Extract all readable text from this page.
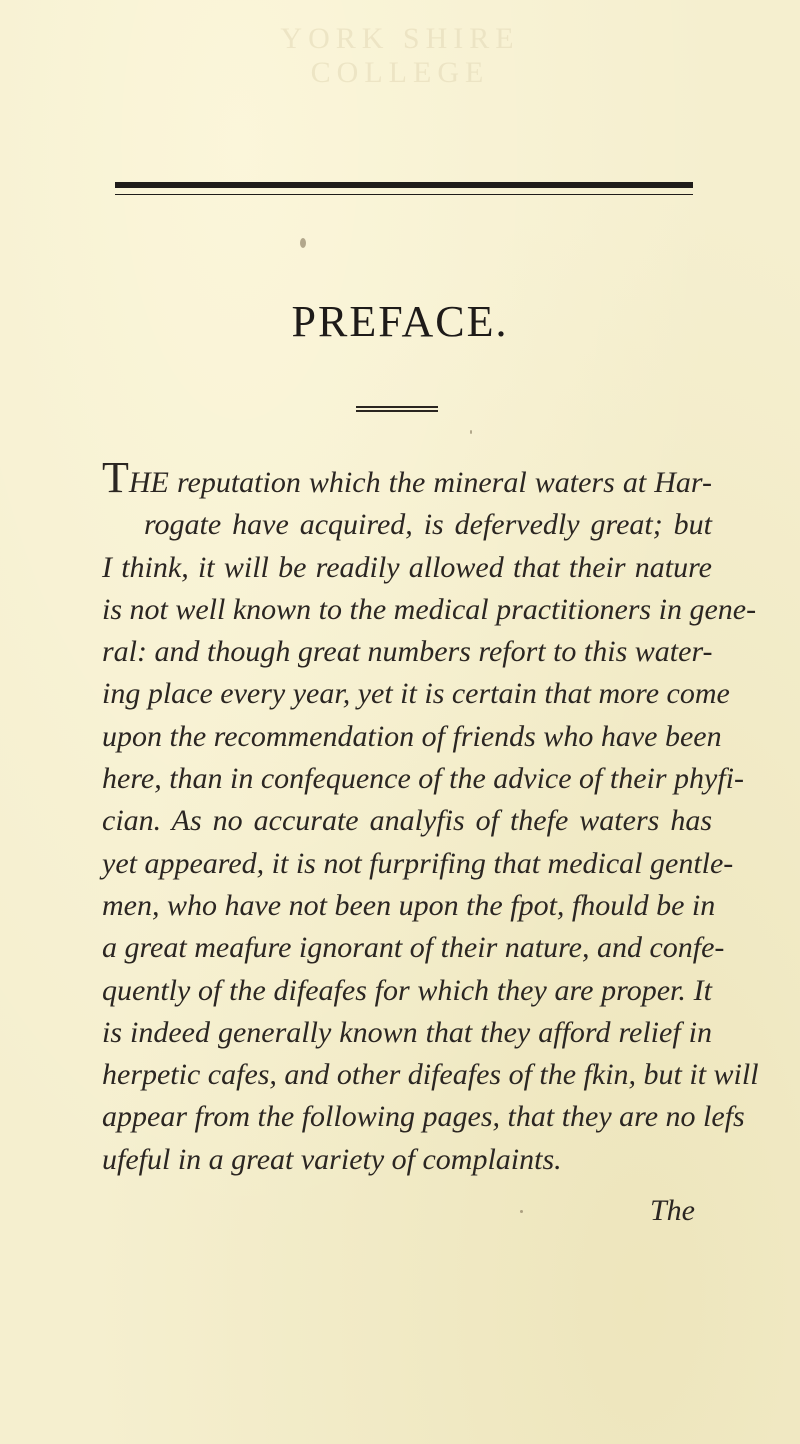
YORK SHIRE
COLLEGE
PREFACE.
THE reputation which the mineral waters at Har-
rogate have acquired, is defervedly great; but
I think, it will be readily allowed that their nature
is not well known to the medical practitioners in gene-
ral: and though great numbers refort to this water-
ing place every year, yet it is certain that more come
upon the recommendation of friends who have been
here, than in confequence of the advice of their phyfi-
cian. As no accurate analyfis of thefe waters has
yet appeared, it is not furprifing that medical gentle-
men, who have not been upon the fpot, fhould be in
a great meafure ignorant of their nature, and confe-
quently of the difeafes for which they are proper. It
is indeed generally known that they afford relief in
herpetic cafes, and other difeafes of the fkin, but it will
appear from the following pages, that they are no lefs
ufeful in a great variety of complaints.
The
